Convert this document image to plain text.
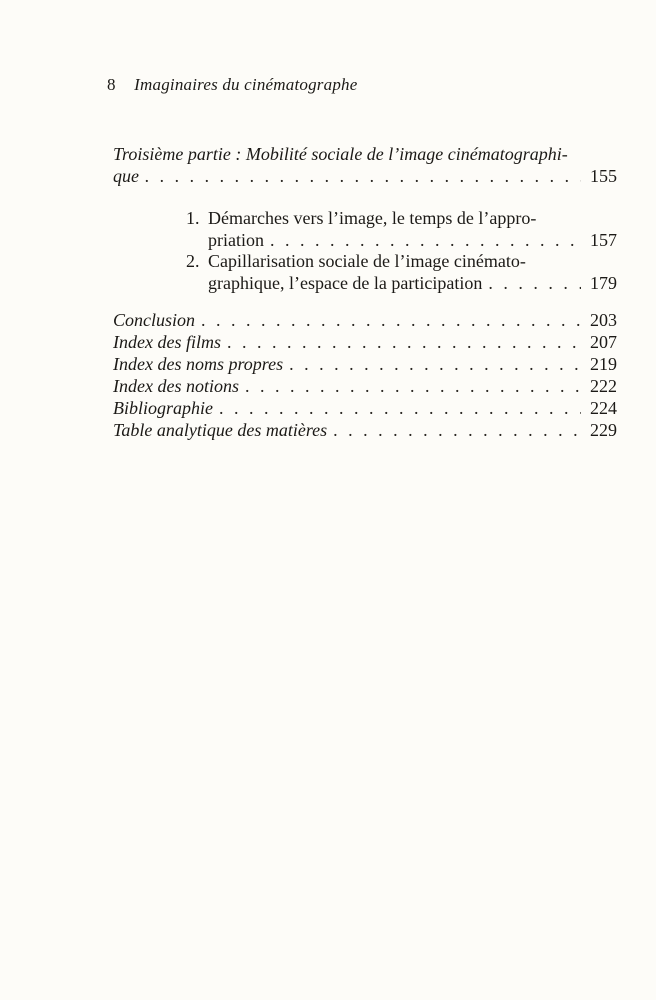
8 Imaginaires du cinématographe
Troisième partie : Mobilité sociale de l’image cinématographi-
que . . .	155
1. Démarches vers l’image, le temps de l’appro-
priation . . .	157
2. Capillarisation sociale de l’image cinémato-
graphique, l’espace de la participation . . .	179
Conclusion . . .	203
Index des films . . .	207
Index des noms propres . . .	219
Index des notions . . .	222
Bibliographie . . .	224
Table analytique des matières . . .	229
